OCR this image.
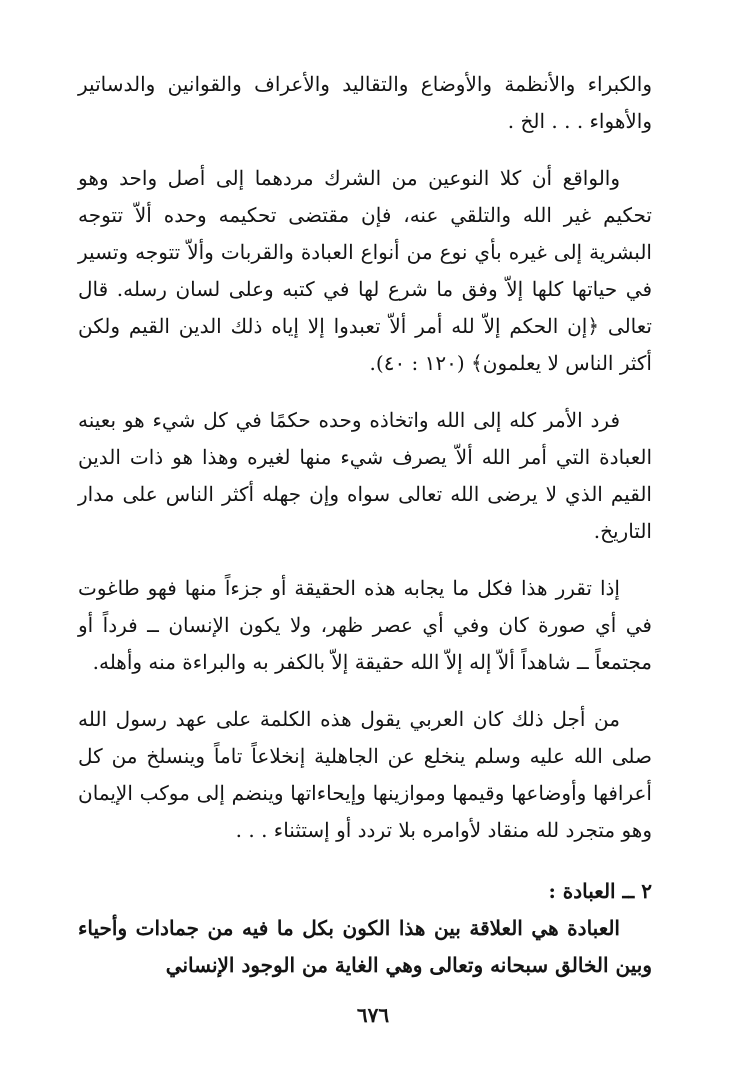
والكبراء والأنظمة والأوضاع والتقاليد والأعراف والقوانين والدساتير والأهواء . . . الخ .

والواقع أن كلا النوعين من الشرك مردهما إلى أصل واحد وهو تحكيم غير الله والتلقي عنه، فإن مقتضى تحكيمه وحده ألاّ تتوجه البشرية إلى غيره بأي نوع من أنواع العبادة والقربات وألاّ تتوجه وتسير في حياتها كلها إلاّ وفق ما شرع لها في كتبه وعلى لسان رسله. قال تعالى ﴿إن الحكم إلاّ لله أمر ألاّ تعبدوا إلا إياه ذلك الدين القيم ولكن أكثر الناس لا يعلمون﴾ (١٢٠ : ٤٠).

فرد الأمر كله إلى الله واتخاذه وحده حكمًا في كل شيء هو بعينه العبادة التي أمر الله ألاّ يصرف شيء منها لغيره وهذا هو ذات الدين القيم الذي لا يرضى الله تعالى سواه وإن جهله أكثر الناس على مدار التاريخ.

إذا تقرر هذا فكل ما يجابه هذه الحقيقة أو جزءاً منها فهو طاغوت في أي صورة كان وفي أي عصر ظهر، ولا يكون الإنسان ــ فرداً أو مجتمعاً ــ شاهداً ألاّ إله إلاّ الله حقيقة إلاّ بالكفر به والبراءة منه وأهله.

من أجل ذلك كان العربي يقول هذه الكلمة على عهد رسول الله صلى الله عليه وسلم ينخلع عن الجاهلية إنخلاعاً تاماً وينسلخ من كل أعرافها وأوضاعها وقيمها وموازينها وإيحاءاتها وينضم إلى موكب الإيمان وهو متجرد لله منقاد لأوامره بلا تردد أو إستثناء . . .

٢ ــ العبادة :

العبادة هي العلاقة بين هذا الكون بكل ما فيه من جمادات وأحياء وبين الخالق سبحانه وتعالى وهي الغاية من الوجود الإنساني

٦٧٦
